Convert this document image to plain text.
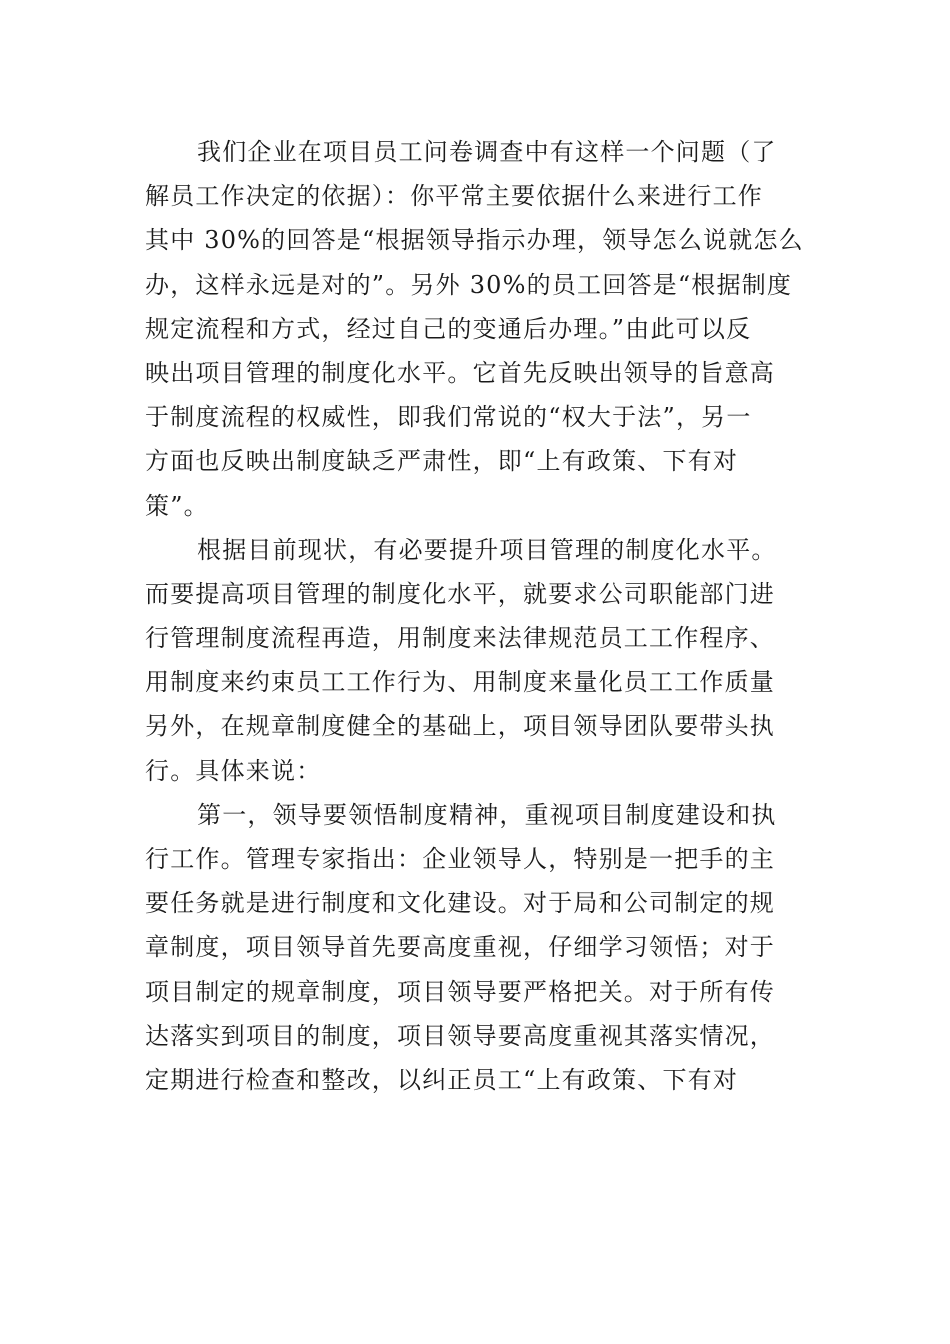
我们企业在项目员工问卷调查中有这样一个问题（了
解员工作决定的依据）：你平常主要依据什么来进行工作
其中 30%的回答是“根据领导指示办理，领导怎么说就怎么
办，这样永远是对的”。另外 30%的员工回答是“根据制度
规定流程和方式，经过自己的变通后办理。”由此可以反
映出项目管理的制度化水平。它首先反映出领导的旨意高
于制度流程的权威性，即我们常说的“权大于法”，另一
方面也反映出制度缺乏严肃性，即“上有政策、下有对
策”。
根据目前现状，有必要提升项目管理的制度化水平。
而要提高项目管理的制度化水平，就要求公司职能部门进
行管理制度流程再造，用制度来法律规范员工工作程序、
用制度来约束员工工作行为、用制度来量化员工工作质量
另外，在规章制度健全的基础上，项目领导团队要带头执
行。具体来说：
第一，领导要领悟制度精神，重视项目制度建设和执
行工作。管理专家指出：企业领导人，特别是一把手的主
要任务就是进行制度和文化建设。对于局和公司制定的规
章制度，项目领导首先要高度重视，仔细学习领悟；对于
项目制定的规章制度，项目领导要严格把关。对于所有传
达落实到项目的制度，项目领导要高度重视其落实情况，
定期进行检查和整改，以纠正员工“上有政策、下有对
